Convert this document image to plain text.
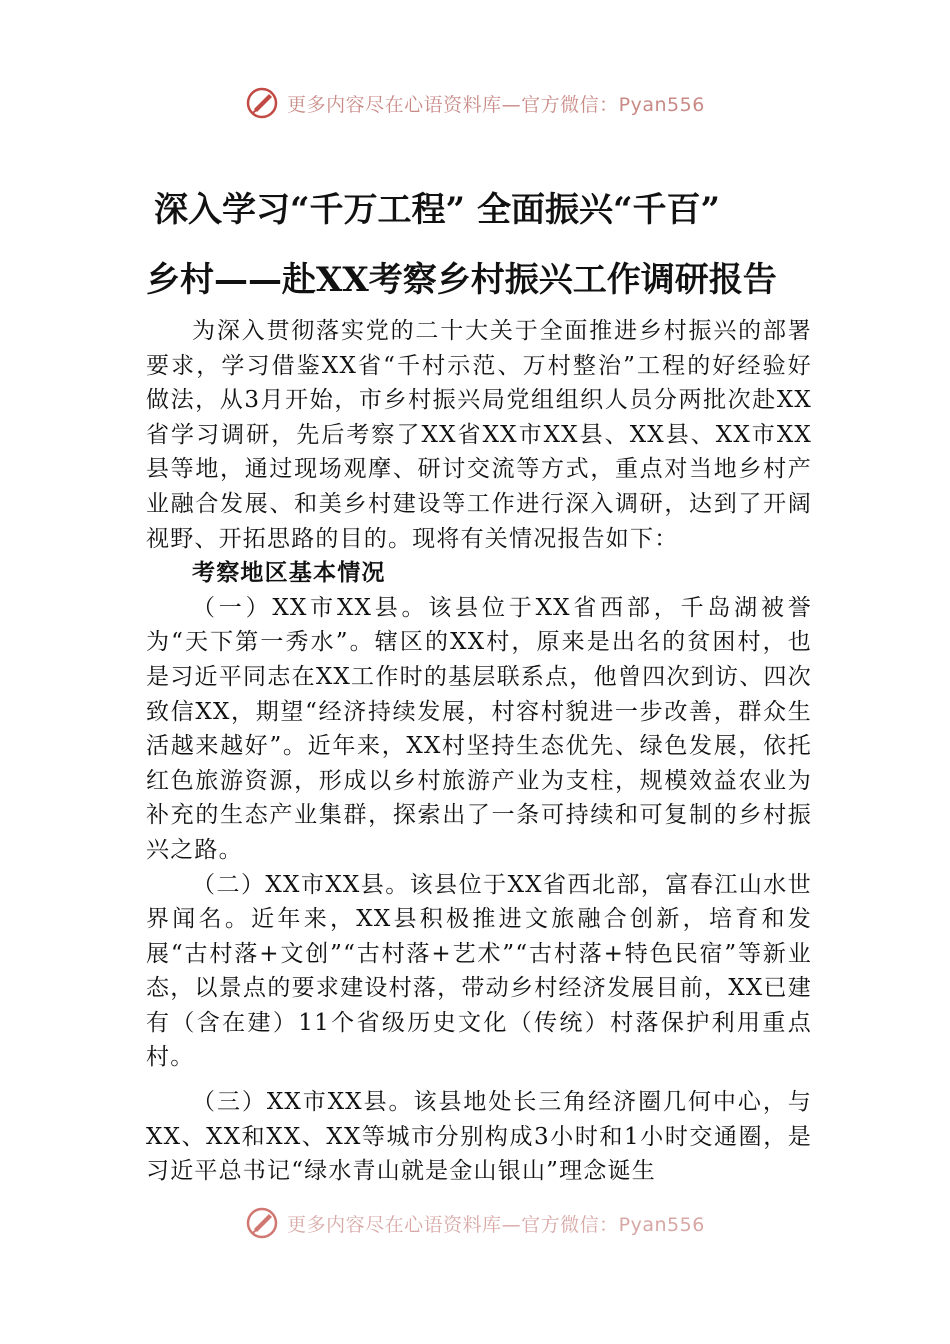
更多内容尽在心语资料库—官方微信：Pyan556
深入学习“千万工程” 全面振兴“千百”
乡村——赴XX考察乡村振兴工作调研报告

为深入贯彻落实党的二十大关于全面推进乡村振兴的部署要求，学习借鉴XX省“千村示范、万村整治”工程的好经验好做法，从3月开始，市乡村振兴局党组组织人员分两批次赴XX省学习调研，先后考察了XX省XX市XX县、XX县、XX市XX县等地，通过现场观摩、研讨交流等方式，重点对当地乡村产业融合发展、和美乡村建设等工作进行深入调研，达到了开阔视野、开拓思路的目的。现将有关情况报告如下：

考察地区基本情况

（一）XX市XX县。该县位于XX省西部，千岛湖被誉为“天下第一秀水”。辖区的XX村，原来是出名的贫困村，也是习近平同志在XX工作时的基层联系点，他曾四次到访、四次致信XX，期望“经济持续发展，村容村貌进一步改善，群众生活越来越好”。近年来，XX村坚持生态优先、绿色发展，依托红色旅游资源，形成以乡村旅游产业为支柱，规模效益农业为补充的生态产业集群，探索出了一条可持续和可复制的乡村振兴之路。

（二）XX市XX县。该县位于XX省西北部，富春江山水世界闻名。近年来，XX县积极推进文旅融合创新，培育和发展“古村落+文创”“古村落+艺术”“古村落+特色民宿”等新业态，以景点的要求建设村落，带动乡村经济发展目前，XX已建有（含在建）11个省级历史文化（传统）村落保护利用重点村。

（三）XX市XX县。该县地处长三角经济圈几何中心，与XX、XX和XX、XX等城市分别构成3小时和1小时交通圈，是习近平总书记“绿水青山就是金山银山”理念诞生

更多内容尽在心语资料库—官方微信：Pyan556
